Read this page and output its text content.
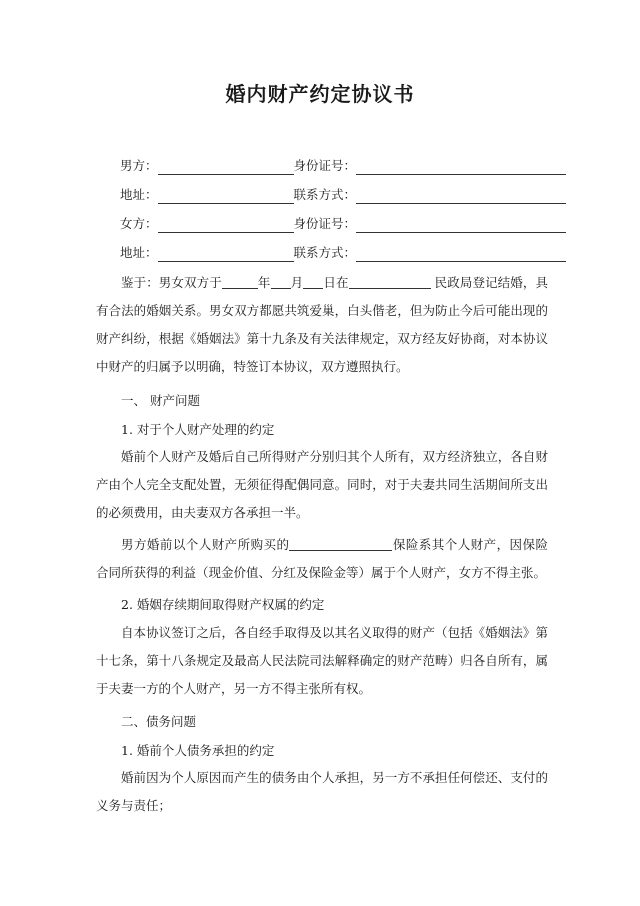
婚内财产约定协议书
男方：	身份证号：
地址：	联系方式：
女方：	身份证号：
地址：	联系方式：

鉴于：男女双方于	年 月 日在	民政局登记结婚，具有合法的婚姻关系。男女双方都愿共筑爱巢，白头偕老，但为防止今后可能出现的财产纠纷，根据《婚姻法》第十九条及有关法律规定，双方经友好协商，对本协议中财产的归属予以明确，特签订本协议，双方遵照执行。

一、 财产问题
1. 对于个人财产处理的约定

婚前个人财产及婚后自己所得财产分别归其个人所有，双方经济独立，各自财产由个人完全支配处置，无须征得配偶同意。同时，对于夫妻共同生活期间所支出的必须费用，由夫妻双方各承担一半。

男方婚前以个人财产所购买的	保险系其个人财产，因保险合同所获得的利益（现金价值、分红及保险金等）属于个人财产，女方不得主张。

2. 婚姻存续期间取得财产权属的约定

自本协议签订之后，各自经手取得及以其名义取得的财产（包括《婚姻法》第十七条，第十八条规定及最高人民法院司法解释确定的财产范畴）归各自所有，属于夫妻一方的个人财产，另一方不得主张所有权。

二、债务问题
1. 婚前个人债务承担的约定

婚前因为个人原因而产生的债务由个人承担，另一方不承担任何偿还、支付的义务与责任；
